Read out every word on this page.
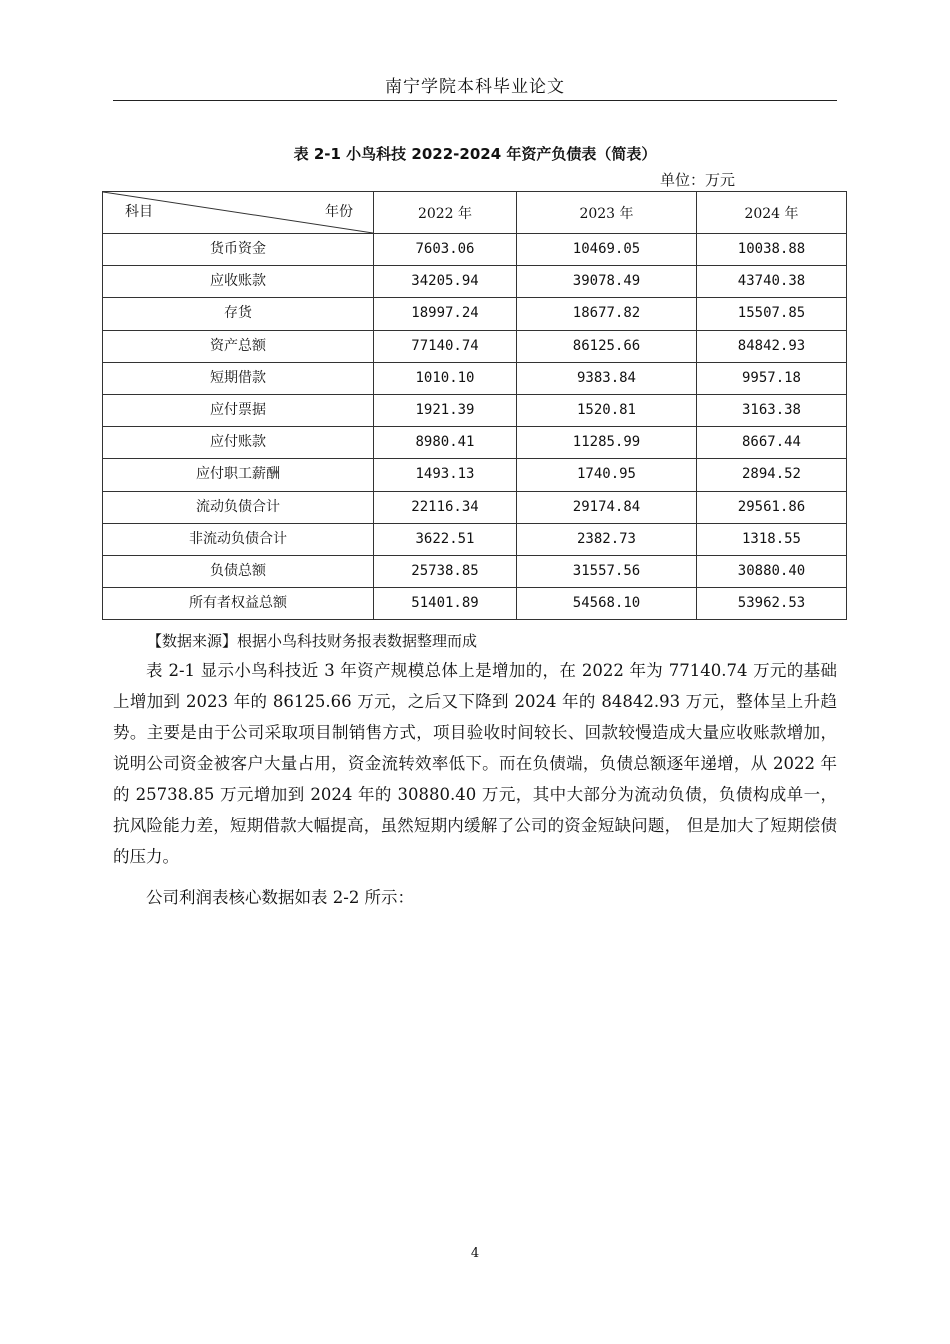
南宁学院本科毕业论文
表 2-1 小鸟科技 2022-2024 年资产负债表（简表）
单位：万元
科目 年份	2022 年	2023 年	2024 年
货币资金	7603.06	10469.05	10038.88
应收账款	34205.94	39078.49	43740.38
存货	18997.24	18677.82	15507.85
资产总额	77140.74	86125.66	84842.93
短期借款	1010.10	9383.84	9957.18
应付票据	1921.39	1520.81	3163.38
应付账款	8980.41	11285.99	8667.44
应付职工薪酬	1493.13	1740.95	2894.52
流动负债合计	22116.34	29174.84	29561.86
非流动负债合计	3622.51	2382.73	1318.55
负债总额	25738.85	31557.56	30880.40
所有者权益总额	51401.89	54568.10	53962.53
【数据来源】根据小鸟科技财务报表数据整理而成

表 2-1 显示小鸟科技近 3 年资产规模总体上是增加的，在 2022 年为 77140.74 万元的基础上增加到 2023 年的 86125.66 万元，之后又下降到 2024 年的 84842.93 万元，整体呈上升趋势。主要是由于公司采取项目制销售方式，项目验收时间较长、回款较慢造成大量应收账款增加，说明公司资金被客户大量占用，资金流转效率低下。而在负债端，负债总额逐年递增，从 2022 年的 25738.85 万元增加到 2024 年的 30880.40 万元，其中大部分为流动负债，负债构成单一，抗风险能力差，短期借款大幅提高，虽然短期内缓解了公司的资金短缺问题， 但是加大了短期偿债的压力。

公司利润表核心数据如表 2-2 所示：

4
